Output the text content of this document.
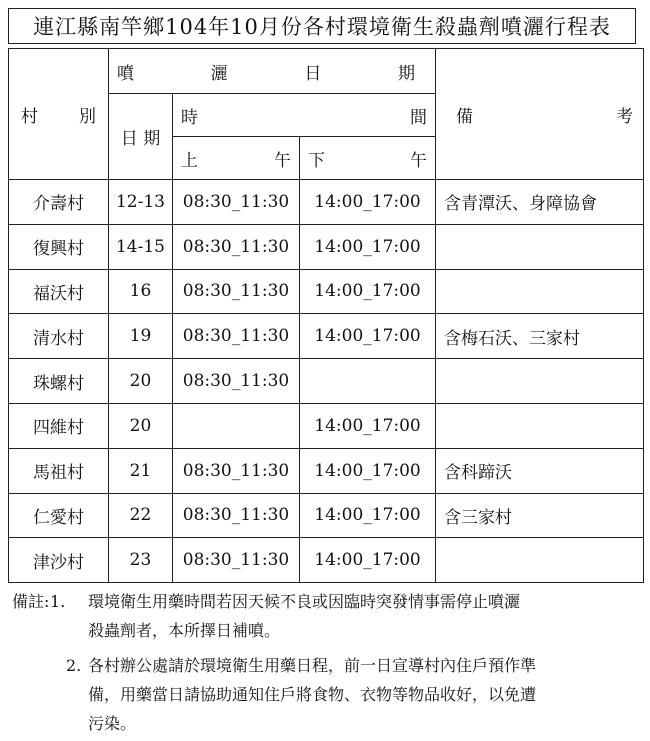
連江縣南竿鄉104年10月份各村環境衛生殺蟲劑噴灑行程表
村 別	噴 灑 日 期			備 考

	日 期	時 間		

		上 午	下 午	

介壽村	12-13	08:30_11:30	14:00_17:00	含青潭沃、身障協會
復興村	14-15	08:30_11:30	14:00_17:00	
福沃村	16	08:30_11:30	14:00_17:00	
清水村	19	08:30_11:30	14:00_17:00	含梅石沃、三家村
珠螺村	20	08:30_11:30		
四維村	20		14:00_17:00	
馬祖村	21	08:30_11:30	14:00_17:00	含科蹄沃
仁愛村	22	08:30_11:30	14:00_17:00	含三家村
津沙村	23	08:30_11:30	14:00_17:00	
備註: 1.	環境衛生用藥時間若因天候不良或因臨時突發情事需停止噴灑
殺蟲劑者，本所擇日補噴。
2. 各村辦公處請於環境衛生用藥日程，前一日宣導村內住戶預作準
備，用藥當日請協助通知住戶將食物、衣物等物品收好，以免遭
污染。
